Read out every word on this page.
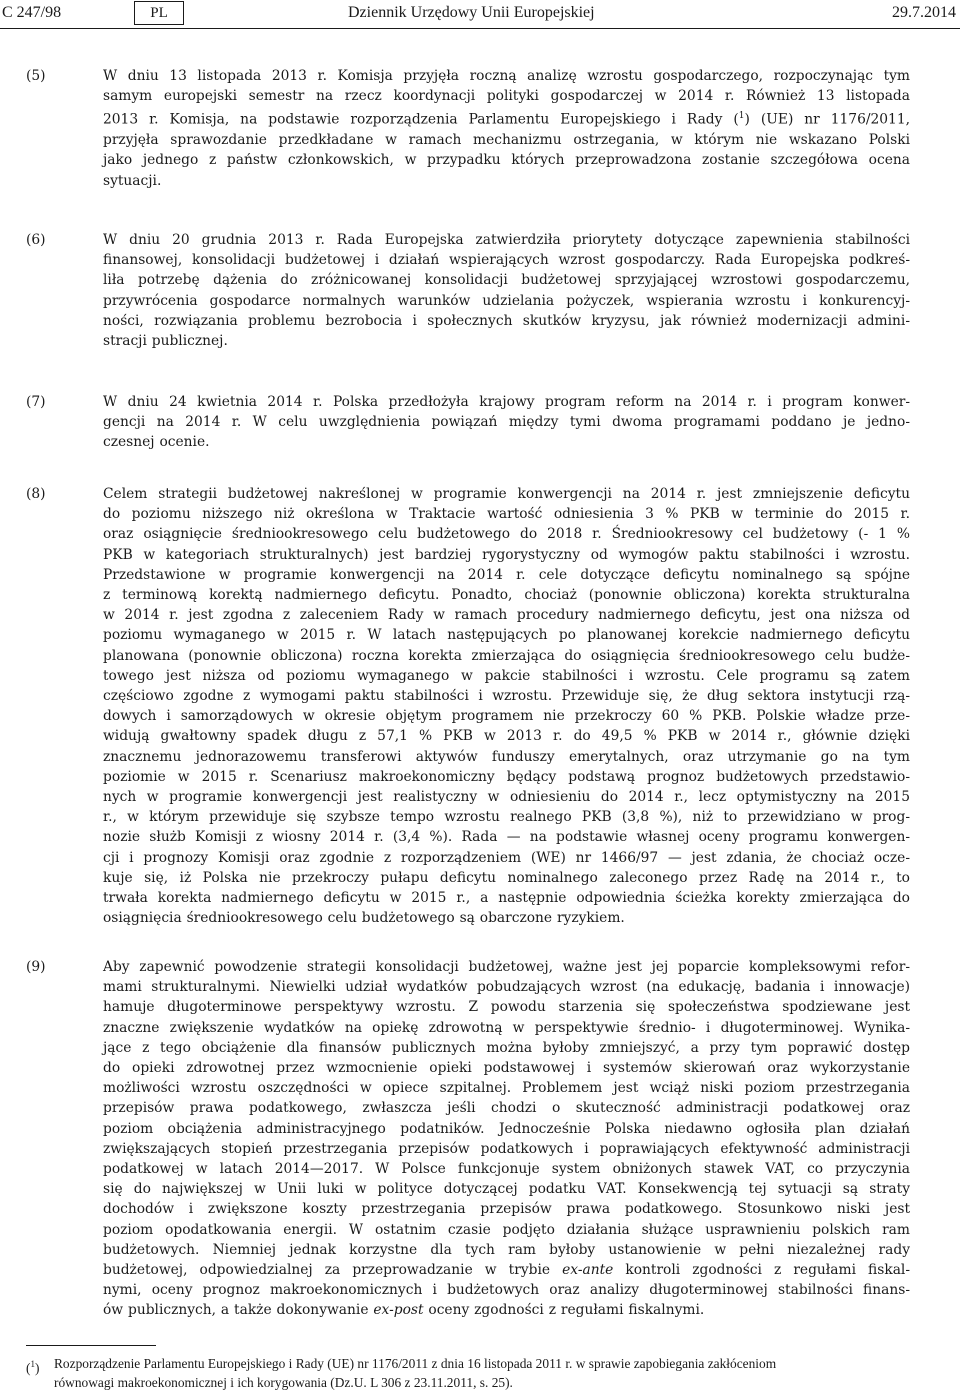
C 247/98	PL	Dziennik Urzędowy Unii Europejskiej	29.7.2014
(5)	W dniu 13 listopada 2013 r. Komisja przyjęła roczną analizę wzrostu gospodarczego, rozpoczynając tym
samym europejski semestr na rzecz koordynacji polityki gospodarczej w 2014 r. Również 13 listopada
2013 r. Komisja, na podstawie rozporządzenia Parlamentu Europejskiego i Rady ($^1$) (UE) nr 1176/2011,
przyjęła sprawozdanie przedkładane w ramach mechanizmu ostrzegania, w którym nie wskazano Polski
jako jednego z państw członkowskich, w przypadku których przeprowadzona zostanie szczegółowa ocena
sytuacji.
(6)	W dniu 20 grudnia 2013 r. Rada Europejska zatwierdziła priorytety dotyczące zapewnienia stabilności
finansowej, konsolidacji budżetowej i działań wspierających wzrost gospodarczy. Rada Europejska podkreś-
liła potrzebę dążenia do zróżnicowanej konsolidacji budżetowej sprzyjającej wzrostowi gospodarczemu,
przywrócenia gospodarce normalnych warunków udzielania pożyczek, wspierania wzrostu i konkurencyj-
ności, rozwiązania problemu bezrobocia i społecznych skutków kryzysu, jak również modernizacji admini-
stracji publicznej.
(7)	W dniu 24 kwietnia 2014 r. Polska przedłożyła krajowy program reform na 2014 r. i program konwer-
gencji na 2014 r. W celu uwzględnienia powiązań między tymi dwoma programami poddano je jedno-
czesnej ocenie.
(8)	Celem strategii budżetowej nakreślonej w programie konwergencji na 2014 r. jest zmniejszenie deficytu
do poziomu niższego niż określona w Traktacie wartość odniesienia 3 % PKB w terminie do 2015 r.
oraz osiągnięcie średniookresowego celu budżetowego do 2018 r. Średniookresowy cel budżetowy (- 1 %
PKB w kategoriach strukturalnych) jest bardziej rygorystyczny od wymogów paktu stabilności i wzrostu.
Przedstawione w programie konwergencji na 2014 r. cele dotyczące deficytu nominalnego są spójne
z terminową korektą nadmiernego deficytu. Ponadto, chociaż (ponownie obliczona) korekta strukturalna
w 2014 r. jest zgodna z zaleceniem Rady w ramach procedury nadmiernego deficytu, jest ona niższa od
poziomu wymaganego w 2015 r. W latach następujących po planowanej korekcie nadmiernego deficytu
planowana (ponownie obliczona) roczna korekta zmierzająca do osiągnięcia średniookresowego celu budże-
towego jest niższa od poziomu wymaganego w pakcie stabilności i wzrostu. Cele programu są zatem
częściowo zgodne z wymogami paktu stabilności i wzrostu. Przewiduje się, że dług sektora instytucji rzą-
dowych i samorządowych w okresie objętym programem nie przekroczy 60 % PKB. Polskie władze prze-
widują gwałtowny spadek długu z 57,1 % PKB w 2013 r. do 49,5 % PKB w 2014 r., głównie dzięki
znacznemu jednorazowemu transferowi aktywów funduszy emerytalnych, oraz utrzymanie go na tym
poziomie w 2015 r. Scenariusz makroekonomiczny będący podstawą prognoz budżetowych przedstawio-
nych w programie konwergencji jest realistyczny w odniesieniu do 2014 r., lecz optymistyczny na 2015
r., w którym przewiduje się szybsze tempo wzrostu realnego PKB (3,8 %), niż to przewidziano w prog-
nozie służb Komisji z wiosny 2014 r. (3,4 %). Rada — na podstawie własnej oceny programu konwergen-
cji i prognozy Komisji oraz zgodnie z rozporządzeniem (WE) nr 1466/97 — jest zdania, że chociaż ocze-
kuje się, iż Polska nie przekroczy pułapu deficytu nominalnego zaleconego przez Radę na 2014 r., to
trwała korekta nadmiernego deficytu w 2015 r., a następnie odpowiednia ścieżka korekty zmierzająca do
osiągnięcia średniookresowego celu budżetowego są obarczone ryzykiem.
(9)	Aby zapewnić powodzenie strategii konsolidacji budżetowej, ważne jest jej poparcie kompleksowymi refor-
mami strukturalnymi. Niewielki udział wydatków pobudzających wzrost (na edukację, badania i innowacje)
hamuje długoterminowe perspektywy wzrostu. Z powodu starzenia się społeczeństwa spodziewane jest
znaczne zwiększenie wydatków na opiekę zdrowotną w perspektywie średnio- i długoterminowej. Wynika-
jące z tego obciążenie dla finansów publicznych można byłoby zmniejszyć, a przy tym poprawić dostęp
do opieki zdrowotnej przez wzmocnienie opieki podstawowej i systemów skierowań oraz wykorzystanie
możliwości wzrostu oszczędności w opiece szpitalnej. Problemem jest wciąż niski poziom przestrzegania
przepisów prawa podatkowego, zwłaszcza jeśli chodzi o skuteczność administracji podatkowej oraz
poziom obciążenia administracyjnego podatników. Jednocześnie Polska niedawno ogłosiła plan działań
zwiększających stopień przestrzegania przepisów podatkowych i poprawiających efektywność administracji
podatkowej w latach 2014—2017. W Polsce funkcjonuje system obniżonych stawek VAT, co przyczynia
się do największej w Unii luki w polityce dotyczącej podatku VAT. Konsekwencją tej sytuacji są straty
dochodów i zwiększone koszty przestrzegania przepisów prawa podatkowego. Stosunkowo niski jest
poziom opodatkowania energii. W ostatnim czasie podjęto działania służące usprawnieniu polskich ram
budżetowych. Niemniej jednak korzystne dla tych ram byłoby ustanowienie w pełni niezależnej rady
budżetowej, odpowiedzialnej za przeprowadzanie w trybie ex-ante kontroli zgodności z regułami fiskal-
nymi, oceny prognoz makroekonomicznych i budżetowych oraz analizy długoterminowej stabilności finans-
ów publicznych, a także dokonywanie ex-post oceny zgodności z regułami fiskalnymi.
($^1$) Rozporządzenie Parlamentu Europejskiego i Rady (UE) nr 1176/2011 z dnia 16 listopada 2011 r. w sprawie zapobiegania zakłóceniom
równowagi makroekonomicznej i ich korygowania (Dz.U. L 306 z 23.11.2011, s. 25).
